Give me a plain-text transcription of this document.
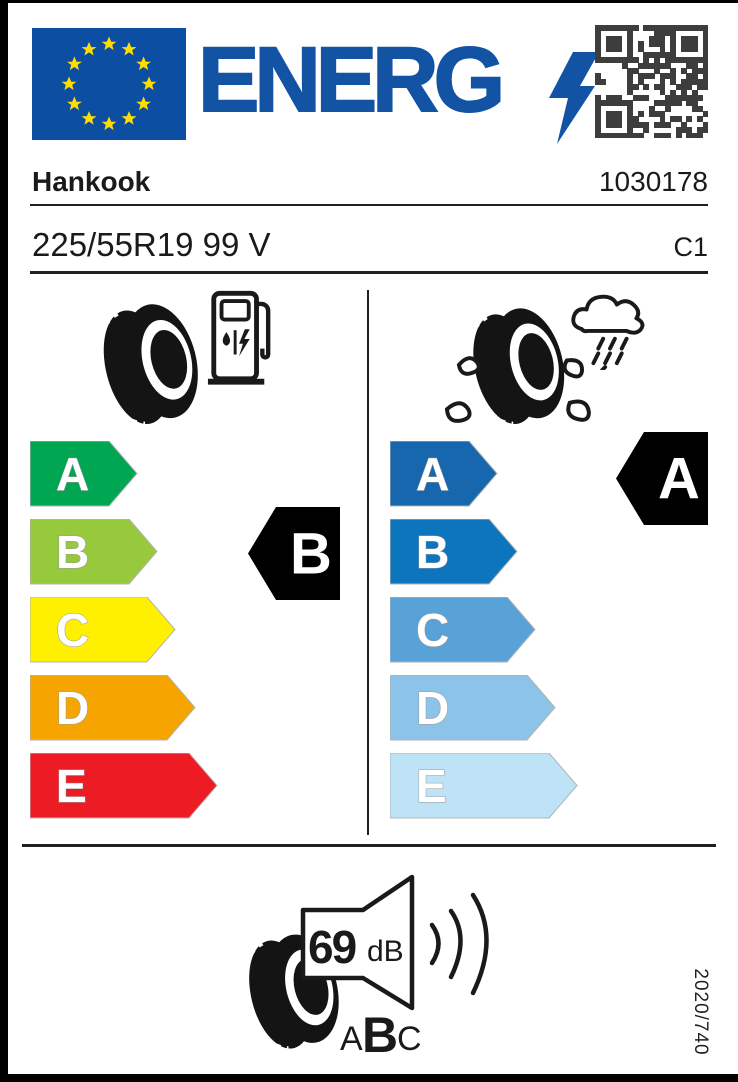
ENERG
Hankook	1030178
225/55R19 99 V	C1
A
B
C
D
E
B
A
B
C
D
E
A
69 dB
A B
C	2020/740
